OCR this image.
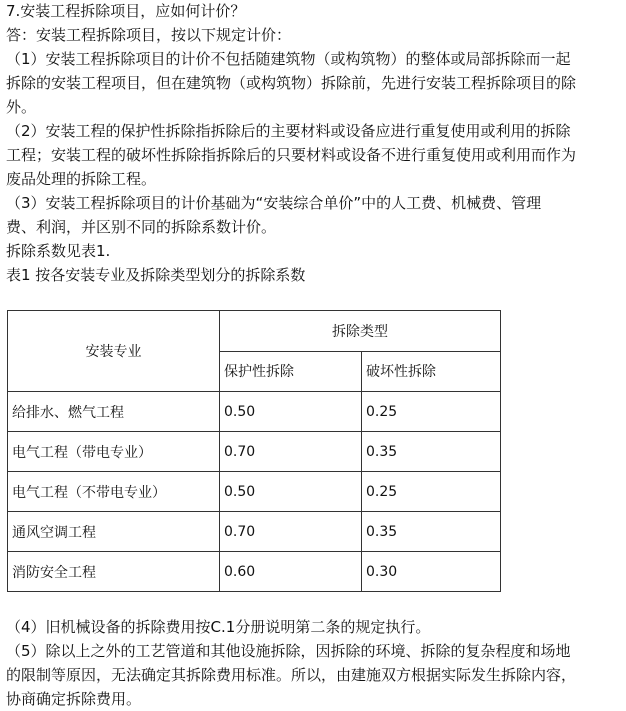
7.安装工程拆除项目，应如何计价？
答：安装工程拆除项目，按以下规定计价：
（1）安装工程拆除项目的计价不包括随建筑物（或构筑物）的整体或局部拆除而一起
拆除的安装工程项目，但在建筑物（或构筑物）拆除前，先进行安装工程拆除项目的除
外。
（2）安装工程的保护性拆除指拆除后的主要材料或设备应进行重复使用或利用的拆除
工程；安装工程的破坏性拆除指拆除后的只要材料或设备不进行重复使用或利用而作为
废品处理的拆除工程。
（3）安装工程拆除项目的计价基础为“安装综合单价”中的人工费、机械费、管理
费、利润，并区别不同的拆除系数计价。
拆除系数见表1.
表1 按各安装专业及拆除类型划分的拆除系数
安装专业	拆除类型	
	保护性拆除	破坏性拆除
给排水、燃气工程	0.50	0.25
电气工程（带电专业）	0.70	0.35
电气工程（不带电专业）	0.50	0.25
通风空调工程	0.70	0.35
消防安全工程	0.60	0.30
（4）旧机械设备的拆除费用按C.1分册说明第二条的规定执行。
（5）除以上之外的工艺管道和其他设施拆除，因拆除的环境、拆除的复杂程度和场地
的限制等原因，无法确定其拆除费用标准。所以，由建施双方根据实际发生拆除内容，
协商确定拆除费用。
